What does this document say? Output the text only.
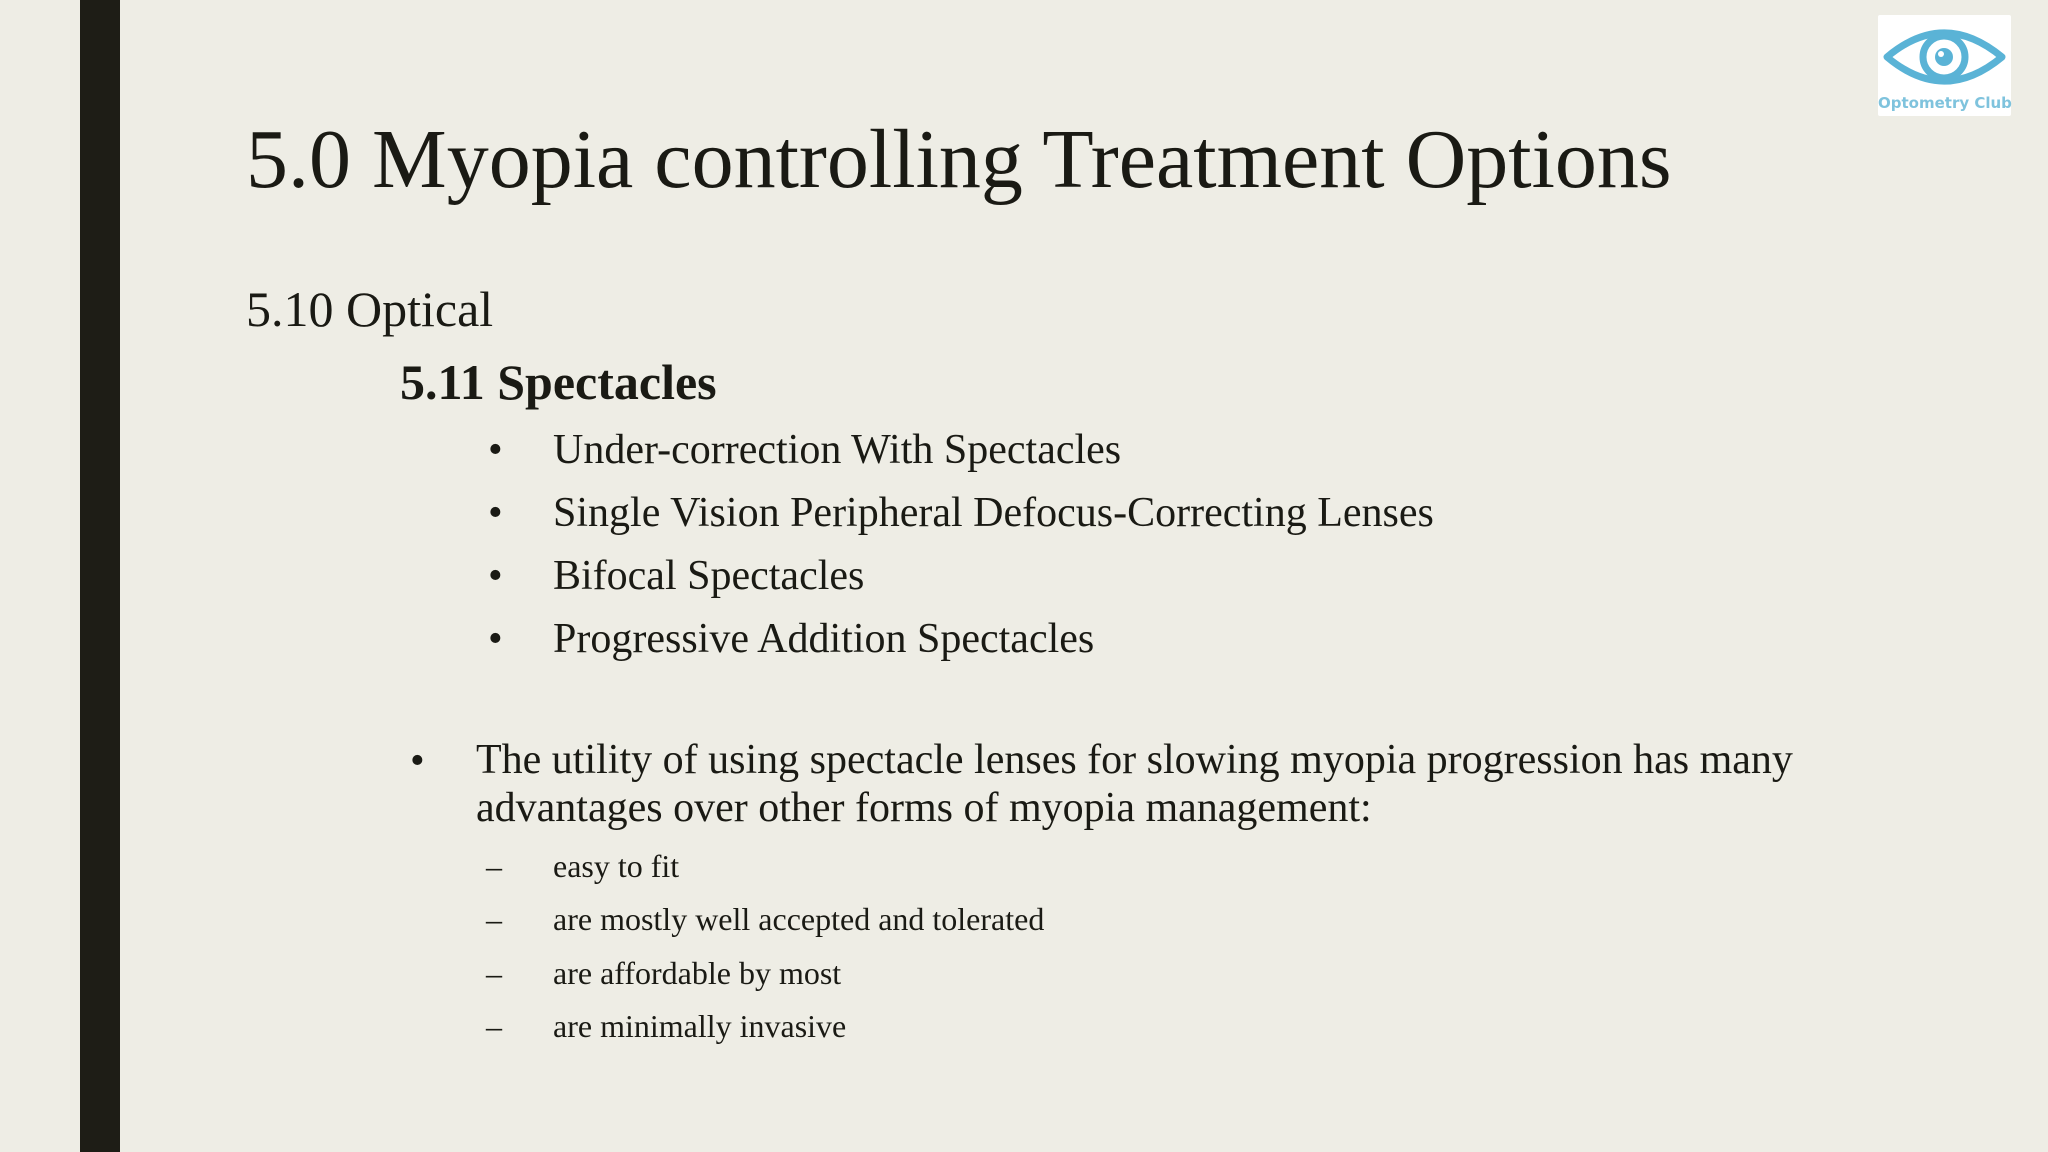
Optometry Club
5.0 Myopia controlling Treatment Options
5.10 Optical
5.11 Spectacles
• Under-correction With Spectacles
• Single Vision Peripheral Defocus-Correcting Lenses
• Bifocal Spectacles
• Progressive Addition Spectacles
• The utility of using spectacle lenses for slowing myopia progression has many advantages over other forms of myopia management:
– easy to fit
– are mostly well accepted and tolerated
– are affordable by most
– are minimally invasive
